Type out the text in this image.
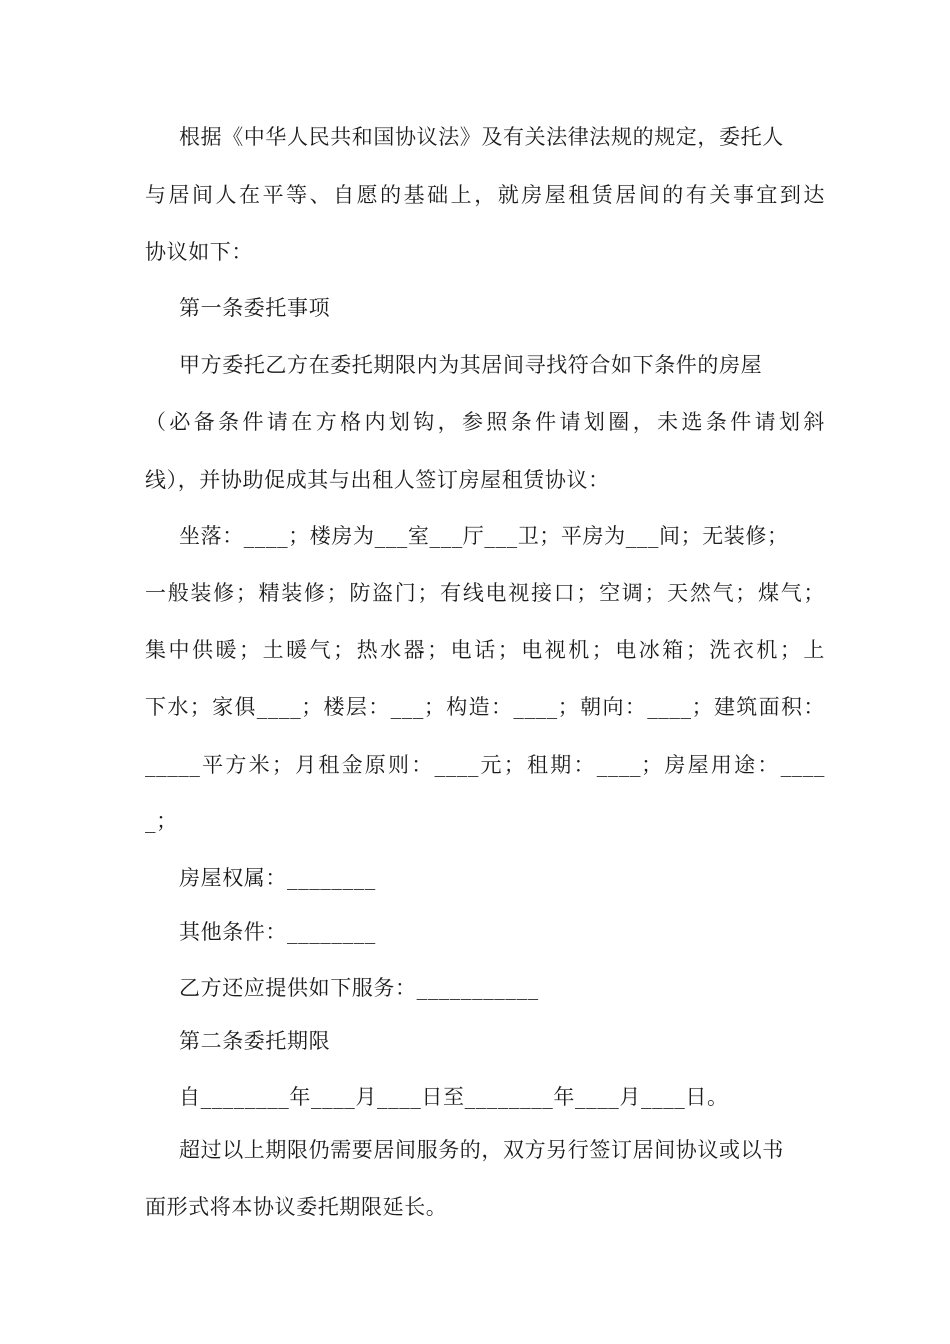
根据《中华人民共和国协议法》及有关法律法规的规定，委托人
与居间人在平等、自愿的基础上，就房屋租赁居间的有关事宜到达
协议如下：
第一条委托事项
甲方委托乙方在委托期限内为其居间寻找符合如下条件的房屋
（必备条件请在方格内划钩，参照条件请划圈，未选条件请划斜
线），并协助促成其与出租人签订房屋租赁协议：
坐落：____；楼房为___室___厅___卫；平房为___间；无装修；
一般装修；精装修；防盗门；有线电视接口；空调；天然气；煤气；
集中供暖；土暖气；热水器；电话；电视机；电冰箱；洗衣机；上
下水；家俱____；楼层：___；构造：____；朝向：____；建筑面积：
_____平方米；月租金原则：____元；租期：____；房屋用途：____
_；
房屋权属：________
其他条件：________
乙方还应提供如下服务：___________
第二条委托期限
自________年____月____日至________年____月____日。
超过以上期限仍需要居间服务的，双方另行签订居间协议或以书
面形式将本协议委托期限延长。
